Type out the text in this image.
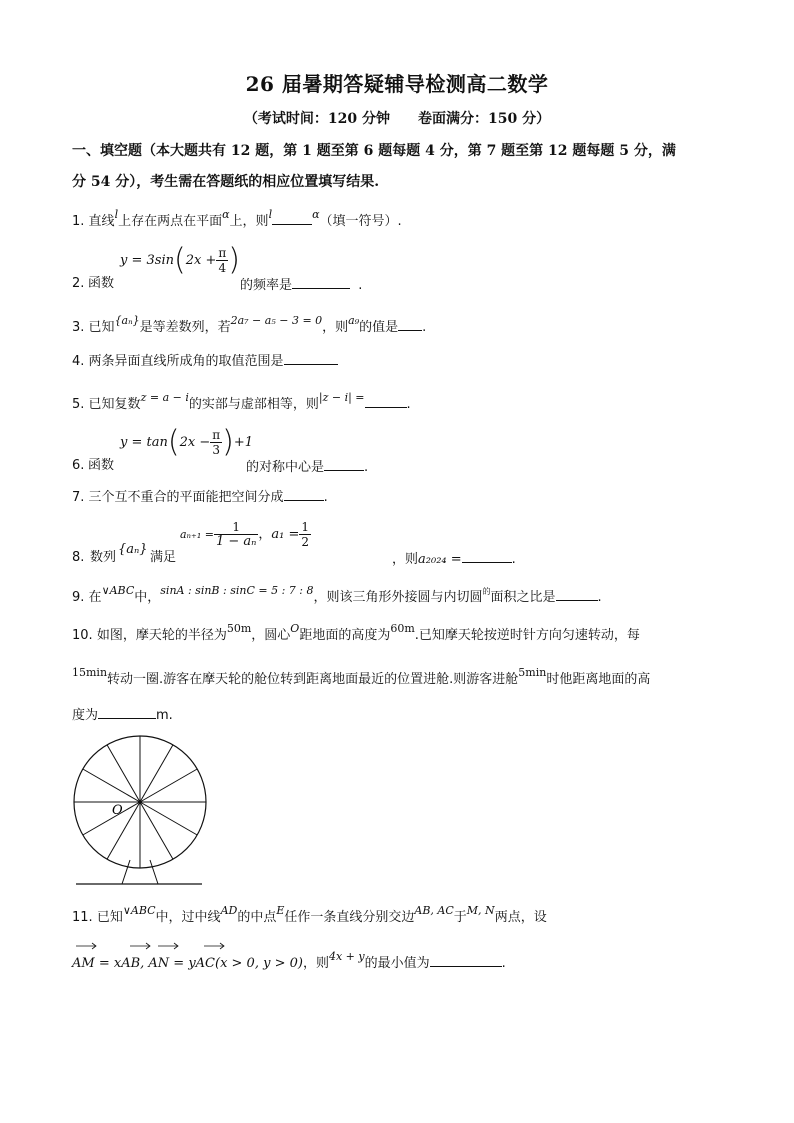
26 届暑期答疑辅导检测高二数学
（考试时间：120 分钟　　卷面满分：150 分）
一、填空题（本大题共有 12 题，第 1 题至第 6 题每题 4 分，第 7 题至第 12 题每题 5 分，满
分 54 分），考生需在答题纸的相应位置填写结果.
1. 直线$^l$上存在两点在平面$^\alpha$上，则$^l$	$^\alpha$（填一符号）.
2. 函数
$y = 3\sin(2x + \frac{\pi}{4}$ )
的频率是	.
3. 已知$^{\{a_n\}}$是等差数列，若$^{2a_7 - a_5 - 3 = 0}$，则$^{a_9}$的值是 .
4. 两条异面直线所成角的取值范围是
5. 已知复数$^{z = a - i}$的实部与虚部相等，则$^{|z - i| =}$	.
6. 函数
$y = \tan(2x - \frac{\pi}{3} )+1$
的对称中心是	.
7. 三个互不重合的平面能把空间分成	.
8. 数列
{aₙ}
满足
$a_{n+1} = \frac{1}{\text{1 − aₙ}}$ ，$a_1 = \frac{1}{2}$
，则a₂₀₂₄ =	.
9. 在$^{\vee ABC}$中，$^{sinA : sinB : sinC = 5 : 7 : 8}$，则该三角形外接圆与内切圆$^的$面积之比是	.
10. 如图，摩天轮的半径为$^{50m}$，圆心$^O$距地面的高度为$^{60m}$.已知摩天轮按逆时针方向匀速转动，每
$^{15min}$转动一圈.游客在摩天轮的舱位转到距离地面最近的位置进舱.则游客进舱$^{5min}$时他距离地面的高
度为	m.
O
11. 已知$^{\vee ABC}$中，过中线$^{AD}$的中点$^E$任作一条直线分别交边$^{AB, AC}$于$^{M, N}$两点，设
AM = xAB, AN = yAC(x > 0, y > 0)，则$^{4x + y}$的最小值为	.
